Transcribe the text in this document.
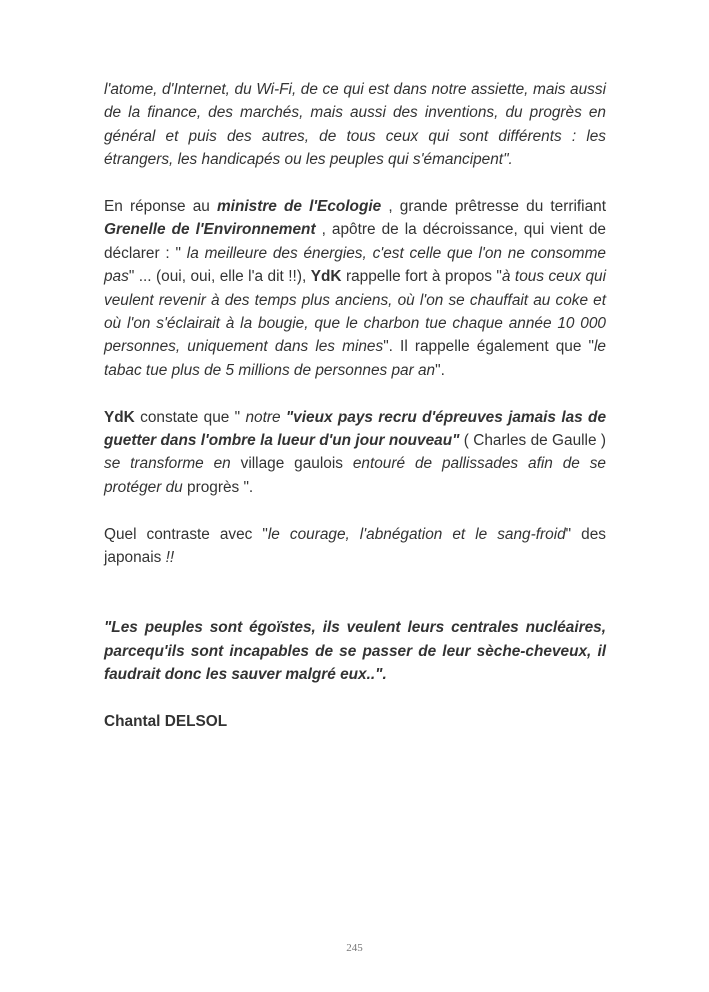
l'atome, d'Internet, du Wi-Fi, de ce qui est dans notre assiette, mais aussi de la finance, des marchés, mais aussi des inventions, du progrès en général et puis des autres, de tous ceux qui sont différents : les étrangers, les handicapés ou les peuples qui s'émancipent".

En réponse au ministre de l'Ecologie , grande prêtresse du terrifiant Grenelle de l'Environnement , apôtre de la décroissance, qui vient de déclarer : " la meilleure des énergies, c'est celle que l'on ne consomme pas" ... (oui, oui, elle l'a dit !!), YdK rappelle fort à propos "à tous ceux qui veulent revenir à des temps plus anciens, où l'on se chauffait au coke et où l'on s'éclairait à la bougie, que le charbon tue chaque année 10 000 personnes, uniquement dans les mines". Il rappelle également que "le tabac tue plus de 5 millions de personnes par an".

YdK constate que " notre "vieux pays recru d'épreuves jamais las de guetter dans l'ombre la lueur d'un jour nouveau" ( Charles de Gaulle ) se transforme en village gaulois entouré de pallissades afin de se protéger du progrès ".

Quel contraste avec "le courage, l'abnégation et le sang-froid" des japonais !!

"Les peuples sont égoïstes, ils veulent leurs centrales nucléaires, parcequ'ils sont incapables de se passer de leur sèche-cheveux, il faudrait donc les sauver malgré eux..".

Chantal DELSOL

245
